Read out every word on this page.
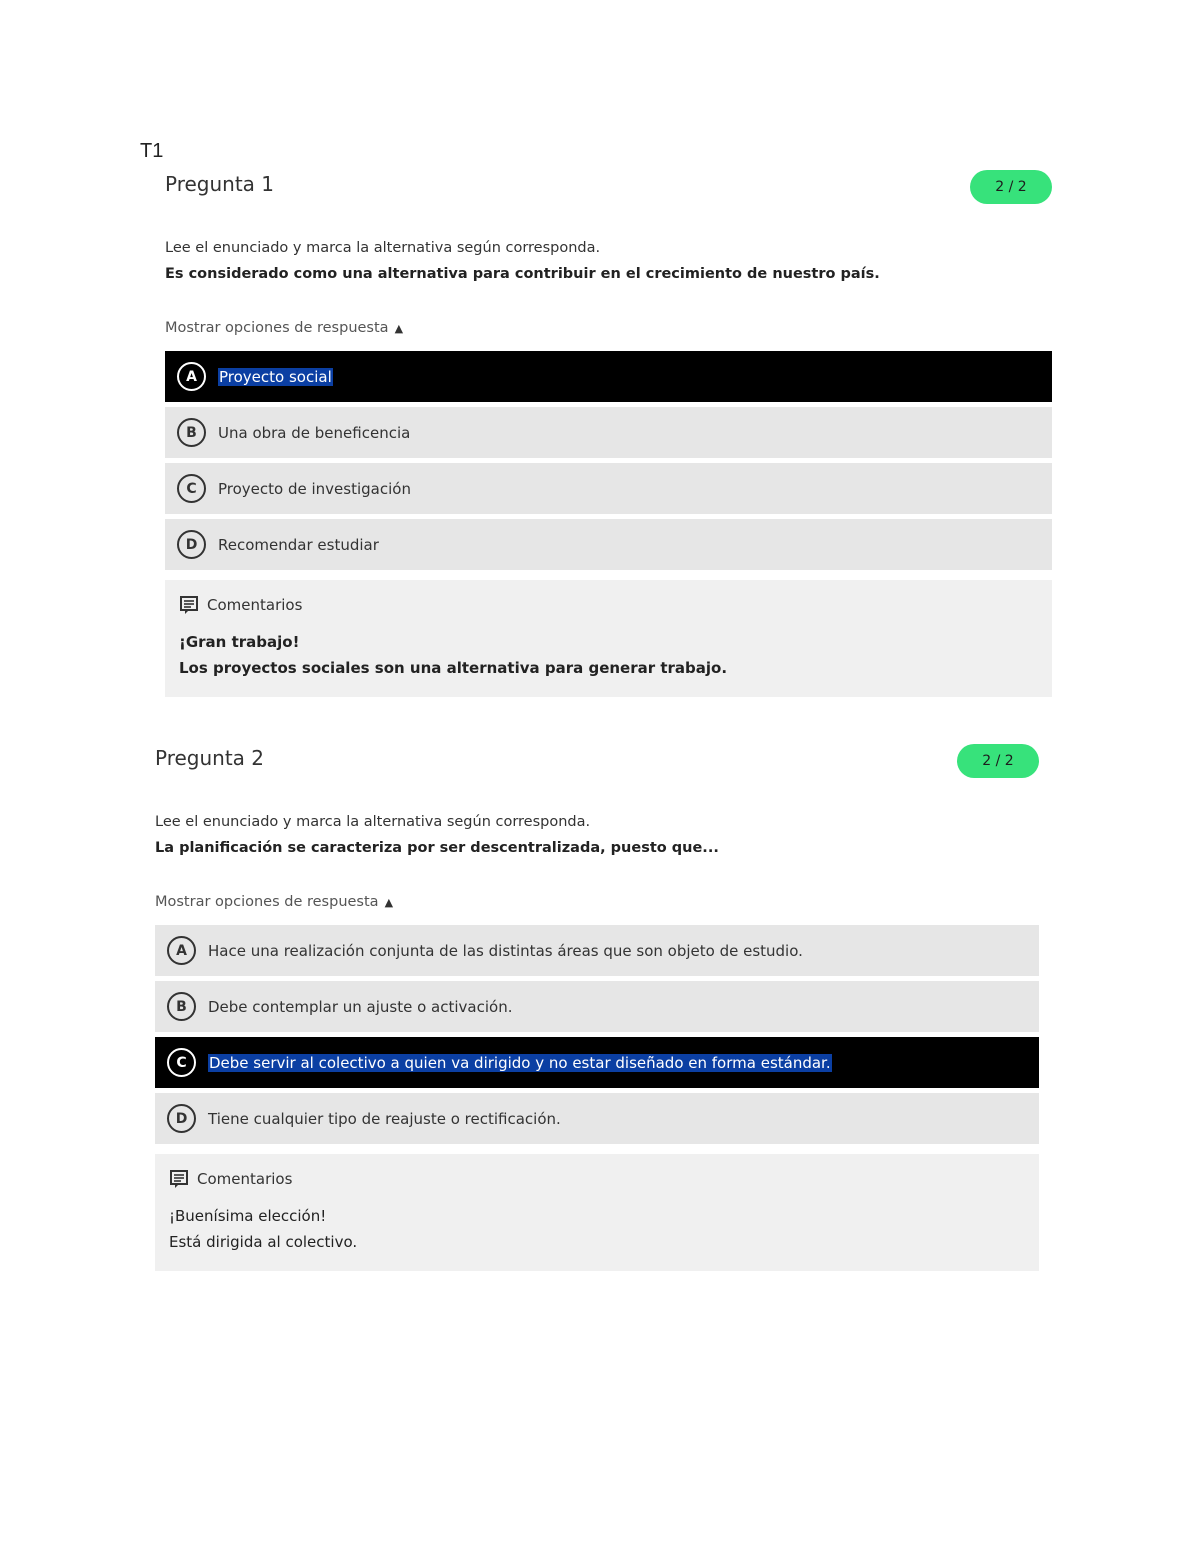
T1
Pregunta 1	2 / 2
Lee el enunciado y marca la alternativa según corresponda.
Es considerado como una alternativa para contribuir en el crecimiento de nuestro país.
Mostrar opciones de respuesta ▲
A	Proyecto social
B	Una obra de beneficencia
C	Proyecto de investigación
D	Recomendar estudiar
Comentarios
¡Gran trabajo!
Los proyectos sociales son una alternativa para generar trabajo.
Pregunta 2	2 / 2
Lee el enunciado y marca la alternativa según corresponda.
La planificación se caracteriza por ser descentralizada, puesto que...
Mostrar opciones de respuesta ▲
A	Hace una realización conjunta de las distintas áreas que son objeto de estudio.
B	Debe contemplar un ajuste o activación.
C	Debe servir al colectivo a quien va dirigido y no estar diseñado en forma estándar.
D	Tiene cualquier tipo de reajuste o rectificación.
Comentarios
¡Buenísima elección!
Está dirigida al colectivo.
